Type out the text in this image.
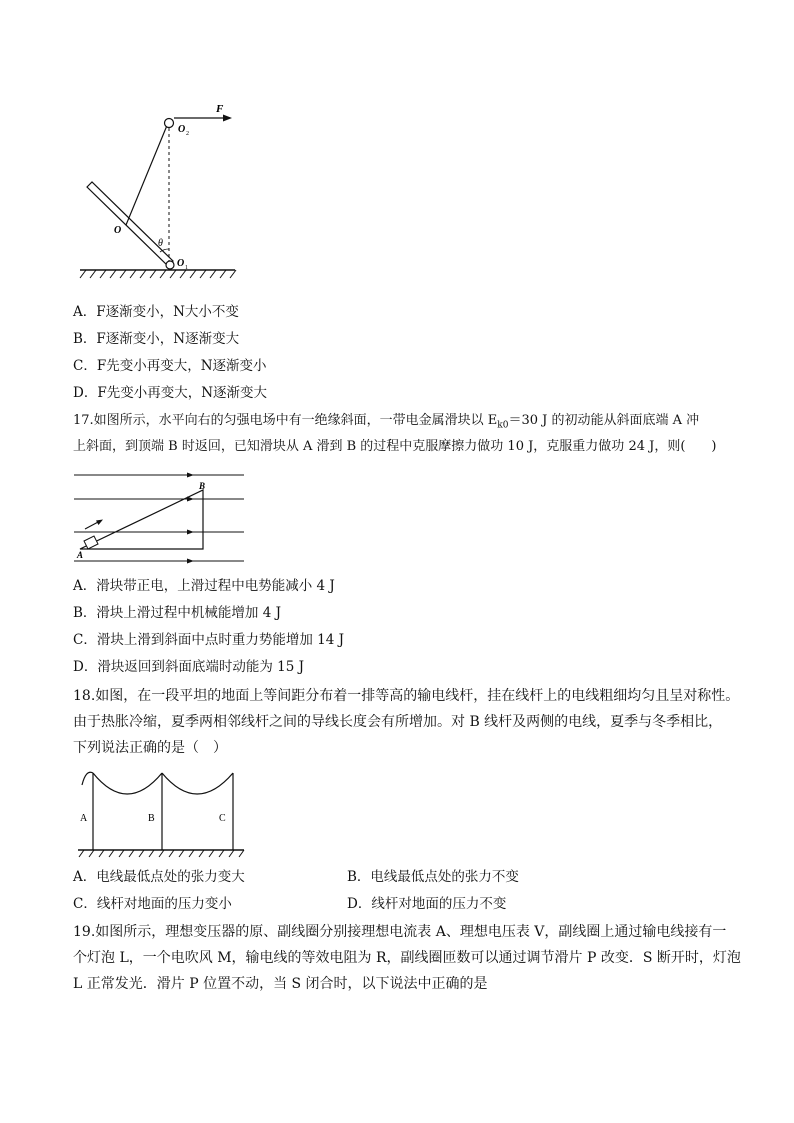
F
O 2
O
θ
O 1
A．F逐渐变小，N大小不变
B．F逐渐变小，N逐渐变大
C．F先变小再变大，N逐渐变小
D．F先变小再变大，N逐渐变大
17.如图所示，水平向右的匀强电场中有一绝缘斜面，一带电金属滑块以 $E_{k0}=30$ J 的初动能从斜面底端 A 冲
上斜面，到顶端 B 时返回，已知滑块从 A 滑到 B 的过程中克服摩擦力做功 10 J，克服重力做功 24 J，则(　　)
A
B
A．滑块带正电，上滑过程中电势能减小 4 J
B．滑块上滑过程中机械能增加 4 J
C．滑块上滑到斜面中点时重力势能增加 14 J
D．滑块返回到斜面底端时动能为 15 J
18.如图，在一段平坦的地面上等间距分布着一排等高的输电线杆，挂在线杆上的电线粗细均匀且呈对称性。
由于热胀冷缩，夏季两相邻线杆之间的导线长度会有所增加。对 B 线杆及两侧的电线，夏季与冬季相比，
下列说法正确的是（　）
A	B	C
A．电线最低点处的张力变大	B．电线最低点处的张力不变
C．线杆对地面的压力变小	D．线杆对地面的压力不变
19.如图所示，理想变压器的原、副线圈分别接理想电流表 A、理想电压表 V，副线圈上通过输电线接有一
个灯泡 L，一个电吹风 M，输电线的等效电阻为 R，副线圈匝数可以通过调节滑片 P 改变．S 断开时，灯泡
L 正常发光．滑片 P 位置不动，当 S 闭合时，以下说法中正确的是
